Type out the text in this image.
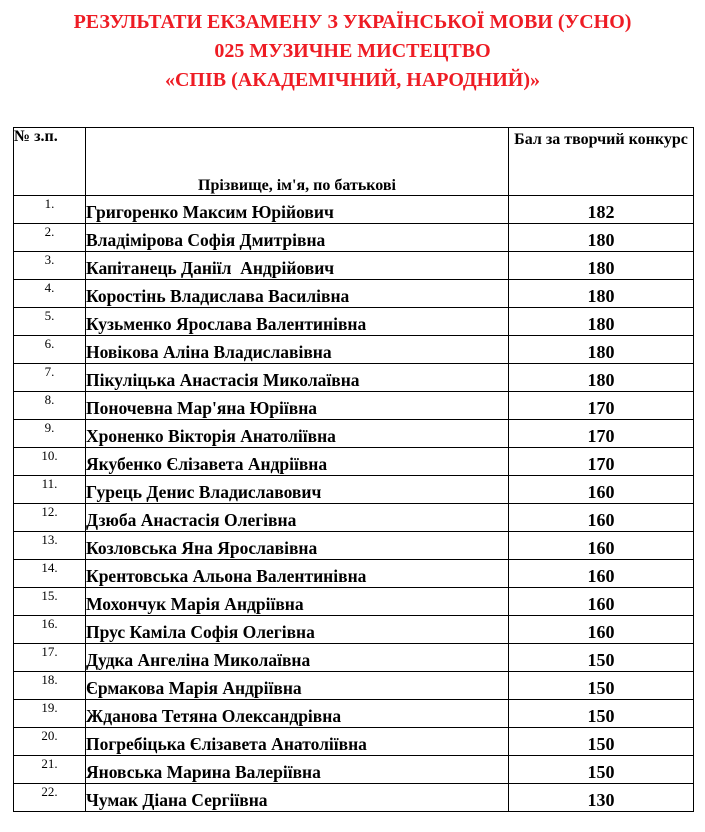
РЕЗУЛЬТАТИ ЕКЗАМЕНУ З УКРАЇНСЬКОЇ МОВИ (УСНО)
025 МУЗИЧНЕ МИСТЕЦТВО
«СПІВ (АКАДЕМІЧНИЙ, НАРОДНИЙ)»
№ з.п.	Прізвище, ім'я, по батькові	Бал за творчий конкурс
1.	Григоренко Максим Юрійович	182
2.	Владімірова Софія Дмитрівна	180
3.	Капітанець Даніїл  Андрійович	180
4.	Коростінь Владислава Василівна	180
5.	Кузьменко Ярослава Валентинівна	180
6.	Новікова Аліна Владиславівна	180
7.	Пікуліцька Анастасія Миколаївна	180
8.	Поночевна Мар'яна Юріївна	170
9.	Хроненко Вікторія Анатоліївна	170
10.	Якубенко Єлізавета Андріївна	170
11.	Гурець Денис Владиславович	160
12.	Дзюба Анастасія Олегівна	160
13.	Козловська Яна Ярославівна	160
14.	Крентовська Альона Валентинівна	160
15.	Мохончук Марія Андріївна	160
16.	Прус Каміла Софія Олегівна	160
17.	Дудка Ангеліна Миколаївна	150
18.	Єрмакова Марія Андріївна	150
19.	Жданова Тетяна Олександрівна	150
20.	Погребіцька Єлізавета Анатоліївна	150
21.	Яновська Марина Валеріївна	150
22.	Чумак Діана Сергіївна	130
